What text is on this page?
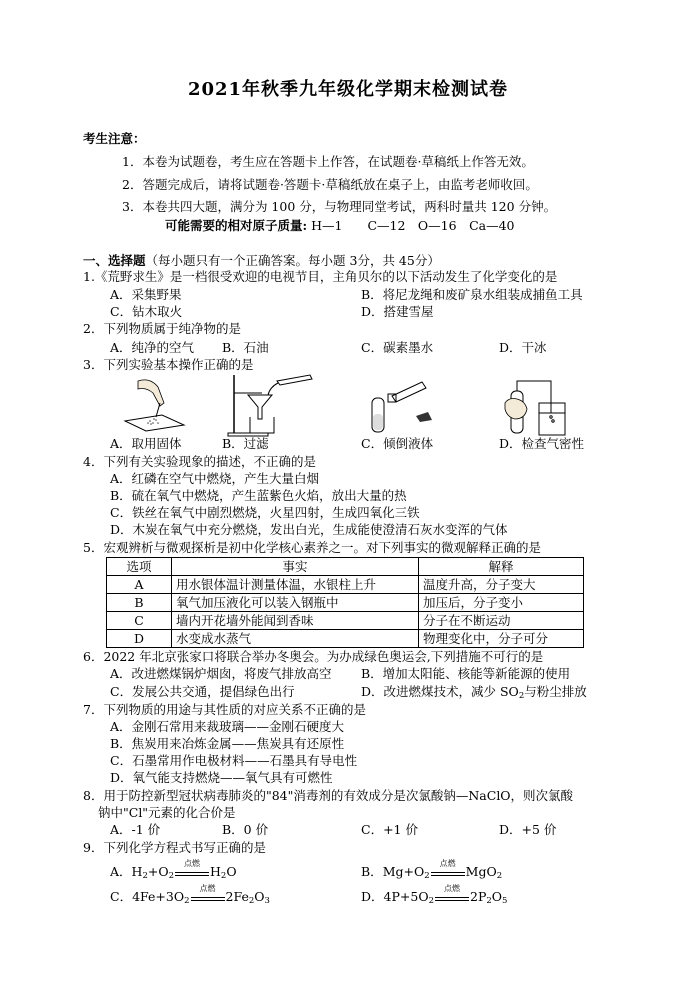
2021年秋季九年级化学期末检测试卷
考生注意：
1．本卷为试题卷，考生应在答题卡上作答，在试题卷·草稿纸上作答无效。
2．答题完成后，请将试题卷·答题卡·草稿纸放在桌子上，由监考老师收回。
3．本卷共四大题，满分为 100 分，与物理同堂考试，两科时量共 120 分钟。
可能需要的相对原子质量: H—1　　C—12　O—16　Ca—40
一、选择题（每小题只有一个正确答案。每小题 3分，共 45分）
1.《荒野求生》是一档很受欢迎的电视节目，主角贝尔的以下活动发生了化学变化的是
A．采集野果	B．将尼龙绳和废矿泉水组装成捕鱼工具
C．钻木取火	D．搭建雪屋
2．下列物质属于纯净物的是
A．纯净的空气 B．石油	C．碳素墨水	D．干冰
3．下列实验基本操作正确的是
A．取用固体	B．过滤	C．倾倒液体	D．检查气密性
4．下列有关实验现象的描述，不正确的是
A．红磷在空气中燃烧，产生大量白烟
B．硫在氧气中燃烧，产生蓝紫色火焰，放出大量的热
C．铁丝在氧气中剧烈燃烧，火星四射，生成四氧化三铁
D．木炭在氧气中充分燃烧，发出白光，生成能使澄清石灰水变浑的气体
5．宏观辨析与微观探析是初中化学核心素养之一。对下列事实的微观解释正确的是
选项	事实	解释
A	用水银体温计测量体温，水银柱上升	温度升高，分子变大
B	氧气加压液化可以装入钢瓶中	加压后，分子变小
C	墙内开花墙外能闻到香味	分子在不断运动
D	水变成水蒸气	物理变化中，分子可分
6．2022 年北京张家口将联合举办冬奥会。为办成绿色奥运会,下列措施不可行的是
A．改进燃煤锅炉烟囱，将废气排放高空 B．增加太阳能、核能等新能源的使用
C．发展公共交通，提倡绿色出行	D．改进燃煤技术，减少 $SO_2$与粉尘排放
7．下列物质的用途与其性质的对应关系不正确的是
A．金刚石常用来裁玻璃——金刚石硬度大
B．焦炭用来冶炼金属——焦炭具有还原性
C．石墨常用作电极材料——石墨具有导电性
D．氧气能支持燃烧——氧气具有可燃性
8．用于防控新型冠状病毒肺炎的"84"消毒剂的有效成分是次氯酸钠—NaClO，则次氯酸
钠中"Cl"元素的化合价是
A．-1 价	B．0 价	C．+1 价	D．+5 价
9．下列化学方程式书写正确的是
A．$H_2+O_2$
点燃
$H_2O$	B．$Mg+O_2$
点燃
MgO$_2$
C．$4Fe+3O_2$
点燃
$2Fe_2O_3$	D．$4P+5O_2$
点燃
$2P_2O_5$
